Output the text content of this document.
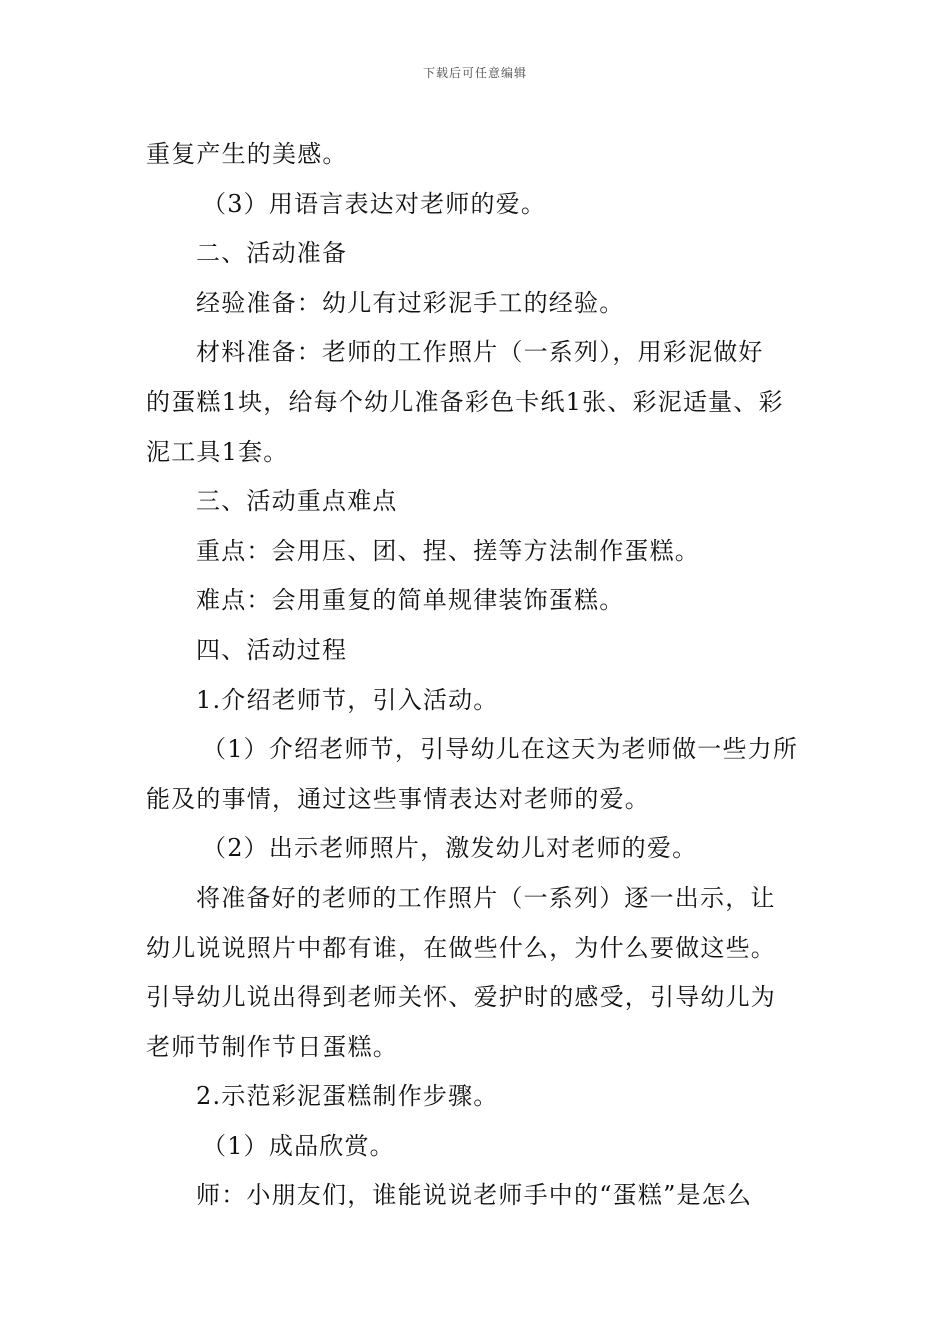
下载后可任意编辑
重复产生的美感。
（3）用语言表达对老师的爱。
二、活动准备
经验准备：幼儿有过彩泥手工的经验。
材料准备：老师的工作照片（一系列），用彩泥做好
的蛋糕1块，给每个幼儿准备彩色卡纸1张、彩泥适量、彩
泥工具1套。
三、活动重点难点
重点：会用压、团、捏、搓等方法制作蛋糕。
难点：会用重复的简单规律装饰蛋糕。
四、活动过程
1.介绍老师节，引入活动。
（1）介绍老师节，引导幼儿在这天为老师做一些力所
能及的事情，通过这些事情表达对老师的爱。
（2）出示老师照片，激发幼儿对老师的爱。
将准备好的老师的工作照片（一系列）逐一出示，让
幼儿说说照片中都有谁，在做些什么，为什么要做这些。
引导幼儿说出得到老师关怀、爱护时的感受，引导幼儿为
老师节制作节日蛋糕。
2.示范彩泥蛋糕制作步骤。
（1）成品欣赏。
师：小朋友们，谁能说说老师手中的“蛋糕”是怎么
